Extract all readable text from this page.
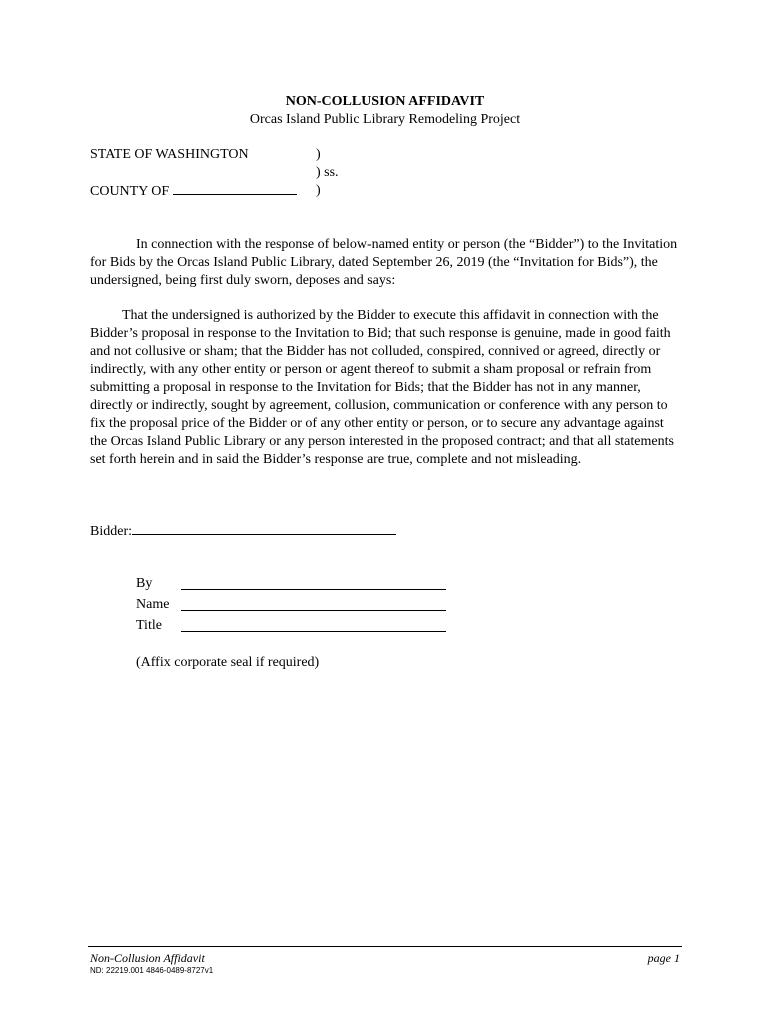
NON-COLLUSION AFFIDAVIT
Orcas Island Public Library Remodeling Project
STATE OF WASHINGTON	)
) ss.
COUNTY OF	)

In connection with the response of below-named entity or person (the “Bidder”) to the Invitation for Bids by the Orcas Island Public Library, dated September 26, 2019 (the “Invitation for Bids”), the undersigned, being first duly sworn, deposes and says:

That the undersigned is authorized by the Bidder to execute this affidavit in connection with the Bidder’s proposal in response to the Invitation to Bid; that such response is genuine, made in good faith and not collusive or sham; that the Bidder has not colluded, conspired, connived or agreed, directly or indirectly, with any other entity or person or agent thereof to submit a sham proposal or refrain from submitting a proposal in response to the Invitation for Bids; that the Bidder has not in any manner, directly or indirectly, sought by agreement, collusion, communication or conference with any person to fix the proposal price of the Bidder or of any other entity or person, or to secure any advantage against the Orcas Island Public Library or any person interested in the proposed contract; and that all statements set forth herein and in said the Bidder’s response are true, complete and not misleading.

Bidder:
By
Name
Title
(Affix corporate seal if required)
Non-Collusion Affidavit	page 1
ND: 22219.001 4846-0489-8727v1
